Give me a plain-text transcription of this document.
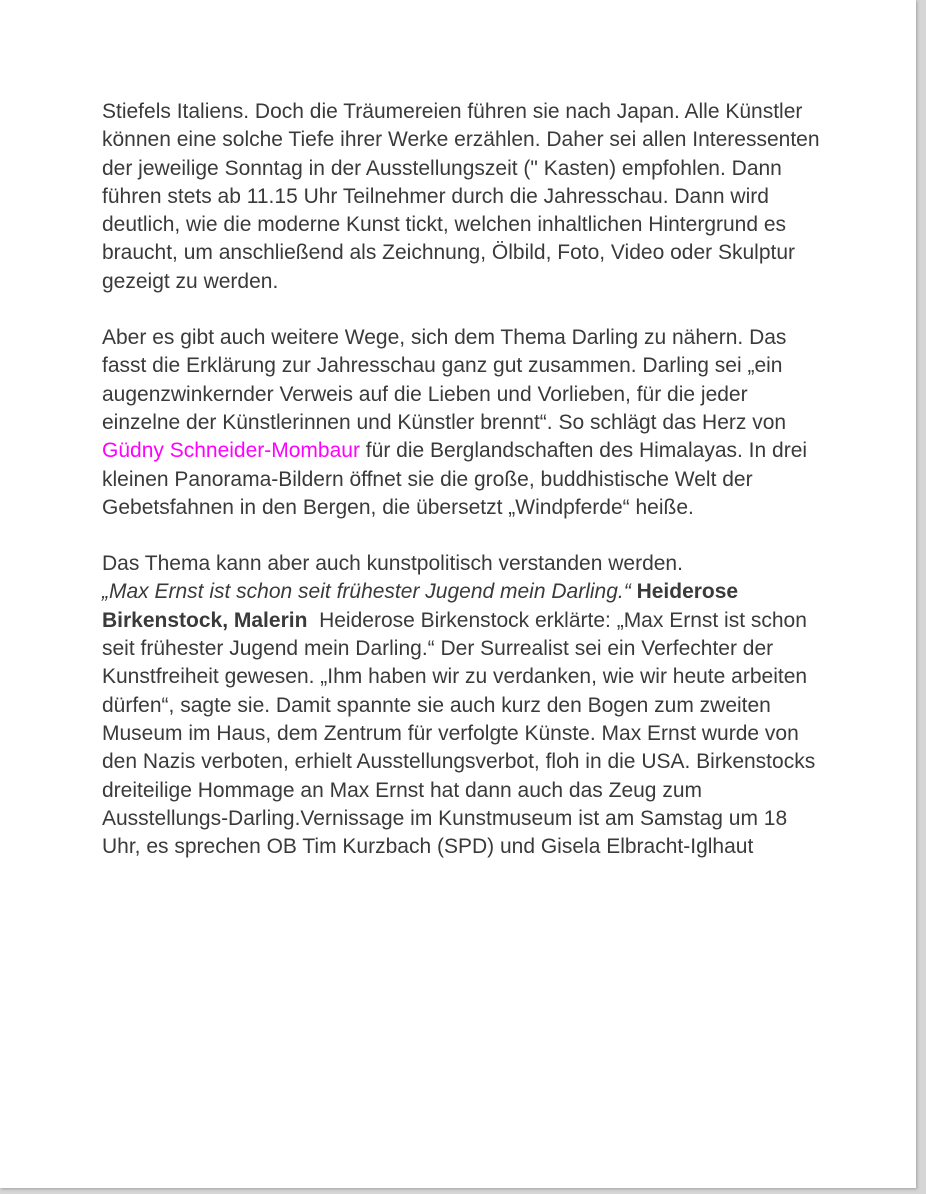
Stiefels Italiens. Doch die Träumereien führen sie nach Japan. Alle Künstler können eine solche Tiefe ihrer Werke erzählen. Daher sei allen Interessenten der jeweilige Sonntag in der Ausstellungszeit (" Kasten) empfohlen. Dann führen stets ab 11.15 Uhr Teilnehmer durch die Jahresschau. Dann wird deutlich, wie die moderne Kunst tickt, welchen inhaltlichen Hintergrund es braucht, um anschließend als Zeichnung, Ölbild, Foto, Video oder Skulptur gezeigt zu werden.

Aber es gibt auch weitere Wege, sich dem Thema Darling zu nähern. Das fasst die Erklärung zur Jahresschau ganz gut zusammen. Darling sei „ein augenzwinkernder Verweis auf die Lieben und Vorlieben, für die jeder einzelne der Künstlerinnen und Künstler brennt“. So schlägt das Herz von Güdny Schneider-Mombaur für die Berglandschaften des Himalayas. In drei kleinen Panorama-Bildern öffnet sie die große, buddhistische Welt der Gebetsfahnen in den Bergen, die übersetzt „Windpferde“ heiße.

Das Thema kann aber auch kunstpolitisch verstanden werden.
„Max Ernst ist schon seit frühester Jugend mein Darling.“ Heiderose Birkenstock, Malerin Heiderose Birkenstock erklärte: „Max Ernst ist schon seit frühester Jugend mein Darling.“ Der Surrealist sei ein Verfechter der Kunstfreiheit gewesen. „Ihm haben wir zu verdanken, wie wir heute arbeiten dürfen“, sagte sie. Damit spannte sie auch kurz den Bogen zum zweiten Museum im Haus, dem Zentrum für verfolgte Künste. Max Ernst wurde von den Nazis verboten, erhielt Ausstellungsverbot, floh in die USA. Birkenstocks dreiteilige Hommage an Max Ernst hat dann auch das Zeug zum Ausstellungs-Darling.Vernissage im Kunstmuseum ist am Samstag um 18 Uhr, es sprechen OB Tim Kurzbach (SPD) und Gisela Elbracht-Iglhaut
